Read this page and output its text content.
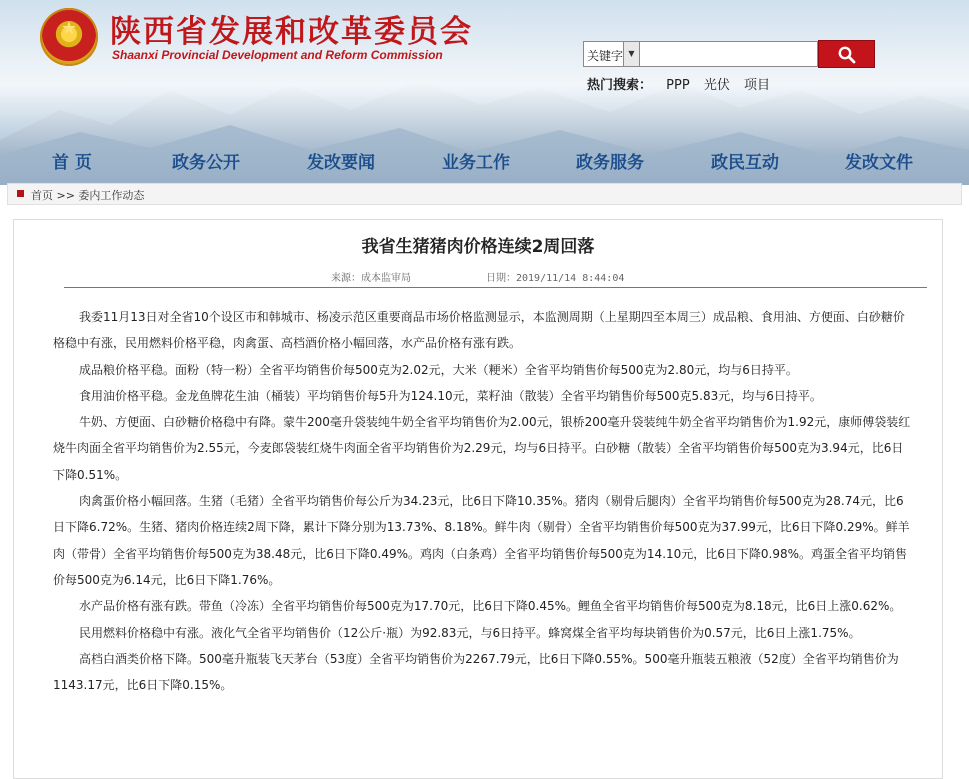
★	陕西省发展和改革委员会
Shaanxi Provincial Development and Reform Commission	关键字 ▼
热门搜索： PPP 光伏 项目
首 页	政务公开	发改要闻	业务工作	政务服务	政民互动	发改文件
首页 >> 委内工作动态
我省生猪猪肉价格连续2周回落
来源：成本监审局	日期：2019/11/14 8:44:04

我委11月13日对全省10个设区市和韩城市、杨凌示范区重要商品市场价格监测显示，本监测周期（上星期四至本周三）成品粮、食用油、方便面、白砂糖价格稳中有涨，民用燃料价格平稳，肉禽蛋、高档酒价格小幅回落，水产品价格有涨有跌。

成品粮价格平稳。面粉（特一粉）全省平均销售价每500克为2.02元，大米（粳米）全省平均销售价每500克为2.80元，均与6日持平。

食用油价格平稳。金龙鱼牌花生油（桶装）平均销售价每5升为124.10元，菜籽油（散装）全省平均销售价每500克5.83元，均与6日持平。

牛奶、方便面、白砂糖价格稳中有降。蒙牛200毫升袋装纯牛奶全省平均销售价为2.00元，银桥200毫升袋装纯牛奶全省平均销售价为1.92元，康师傅袋装红烧牛肉面全省平均销售价为2.55元，今麦郎袋装红烧牛肉面全省平均销售价为2.29元，均与6日持平。白砂糖（散装）全省平均销售价每500克为3.94元，比6日下降0.51%。

肉禽蛋价格小幅回落。生猪（毛猪）全省平均销售价每公斤为34.23元，比6日下降10.35%。猪肉（剔骨后腿肉）全省平均销售价每500克为28.74元，比6日下降6.72%。生猪、猪肉价格连续2周下降，累计下降分别为13.73%、8.18%。鲜牛肉（剔骨）全省平均销售价每500克为37.99元，比6日下降0.29%。鲜羊肉（带骨）全省平均销售价每500克为38.48元，比6日下降0.49%。鸡肉（白条鸡）全省平均销售价每500克为14.10元，比6日下降0.98%。鸡蛋全省平均销售价每500克为6.14元，比6日下降1.76%。

水产品价格有涨有跌。带鱼（冷冻）全省平均销售价每500克为17.70元，比6日下降0.45%。鲤鱼全省平均销售价每500克为8.18元，比6日上涨0.62%。

民用燃料价格稳中有涨。液化气全省平均销售价（12公斤·瓶）为92.83元，与6日持平。蜂窝煤全省平均每块销售价为0.57元，比6日上涨1.75%。

高档白酒类价格下降。500毫升瓶装飞天茅台（53度）全省平均销售价为2267.79元，比6日下降0.55%。500毫升瓶装五粮液（52度）全省平均销售价为1143.17元，比6日下降0.15%。
